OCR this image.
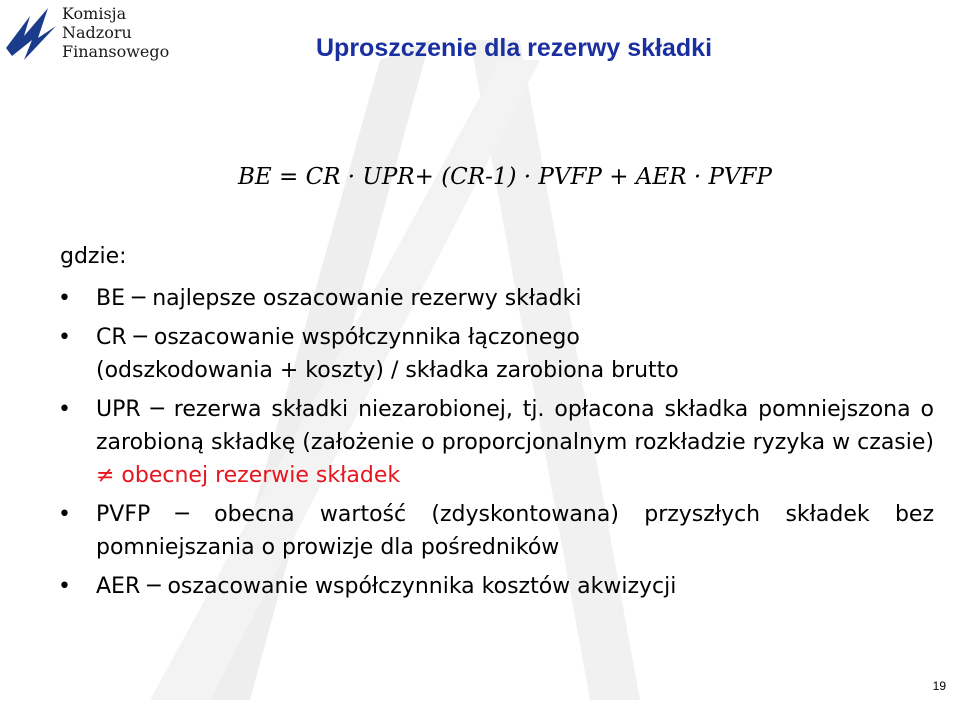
Komisja
Nadzoru
Finansowego	Uproszczenie dla rezerwy składki
BE = CR · UPR+ (CR-1) · PVFP + AER · PVFP
gdzie:
• BE ─ najlepsze oszacowanie rezerwy składki
• CR ─ oszacowanie współczynnika łączonego
(odszkodowania + koszty) / składka zarobiona brutto
• UPR ─ rezerwa składki niezarobionej, tj. opłacona składka pomniejszona o zarobioną składkę (założenie o proporcjonalnym rozkładzie ryzyka w czasie) ≠ obecnej rezerwie składek
• PVFP ─ obecna wartość (zdyskontowana) przyszłych składek bez pomniejszania o prowizje dla pośredników
• AER ─ oszacowanie współczynnika kosztów akwizycji
19
